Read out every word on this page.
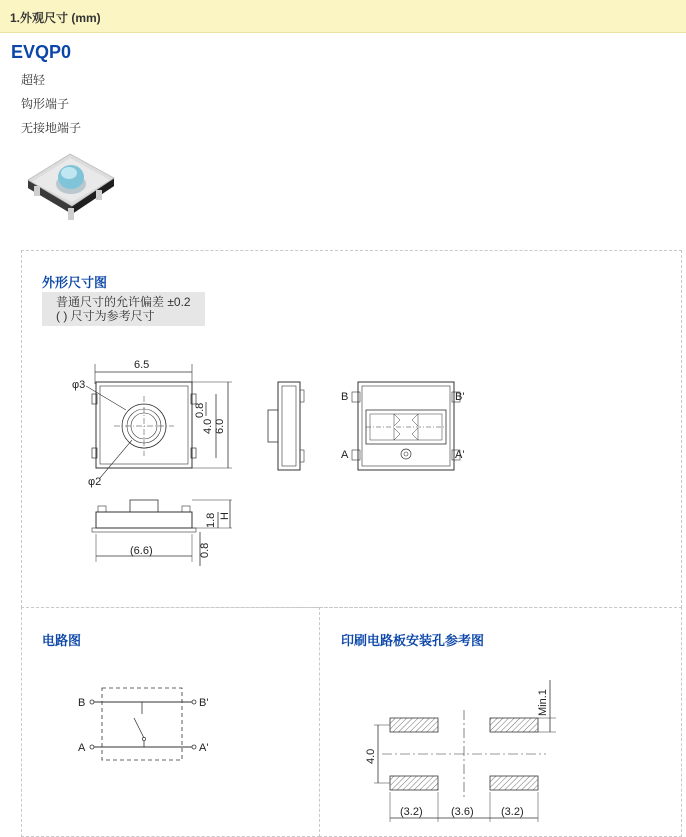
1.外观尺寸 (mm)
EVQP0
超轻
钩形端子
无接地端子
外形尺寸图
普通尺寸的允许偏差 ±0.2
( ) 尺寸为参考尺寸
6.5
φ3
φ2
6.0
4.0
0.8
B	B'
A	A'
1.8 H
(6.6)	0.8
电路图
B	B'
A	A'
印刷电路板安装孔参考图
4.0
Min.1
(3.2)	(3.6) (3.2)
